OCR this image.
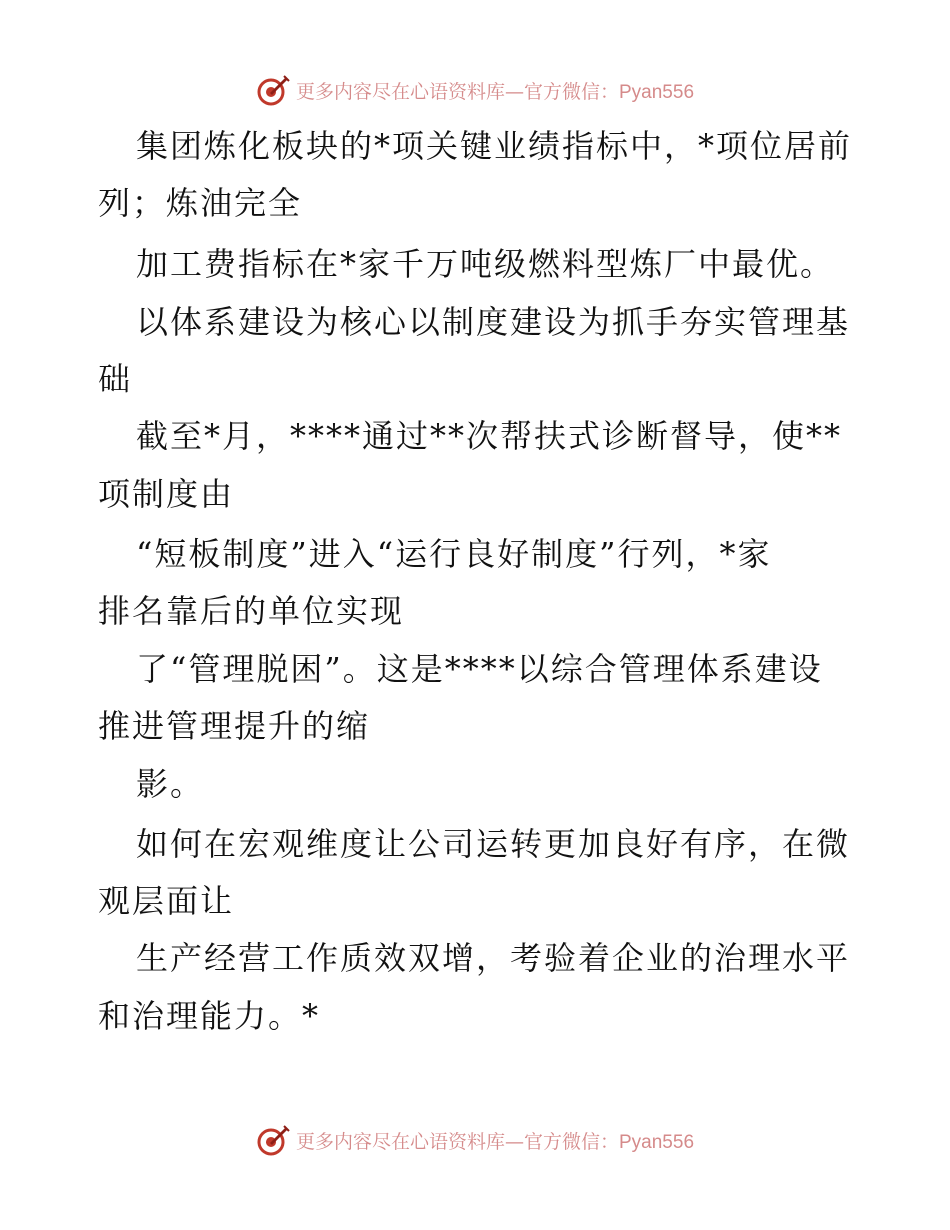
更多内容尽在心语资料库—官方微信：Pyan556
集团炼化板块的*项关键业绩指标中，*项位居前
列；炼油完全
加工费指标在*家千万吨级燃料型炼厂中最优。
以体系建设为核心以制度建设为抓手夯实管理基
础
截至*月，****通过**次帮扶式诊断督导，使**
项制度由
“短板制度”进入“运行良好制度”行列，*家
排名靠后的单位实现
了“管理脱困”。这是****以综合管理体系建设
推进管理提升的缩
影。
如何在宏观维度让公司运转更加良好有序，在微
观层面让
生产经营工作质效双增，考验着企业的治理水平
和治理能力。*
更多内容尽在心语资料库—官方微信：Pyan556
